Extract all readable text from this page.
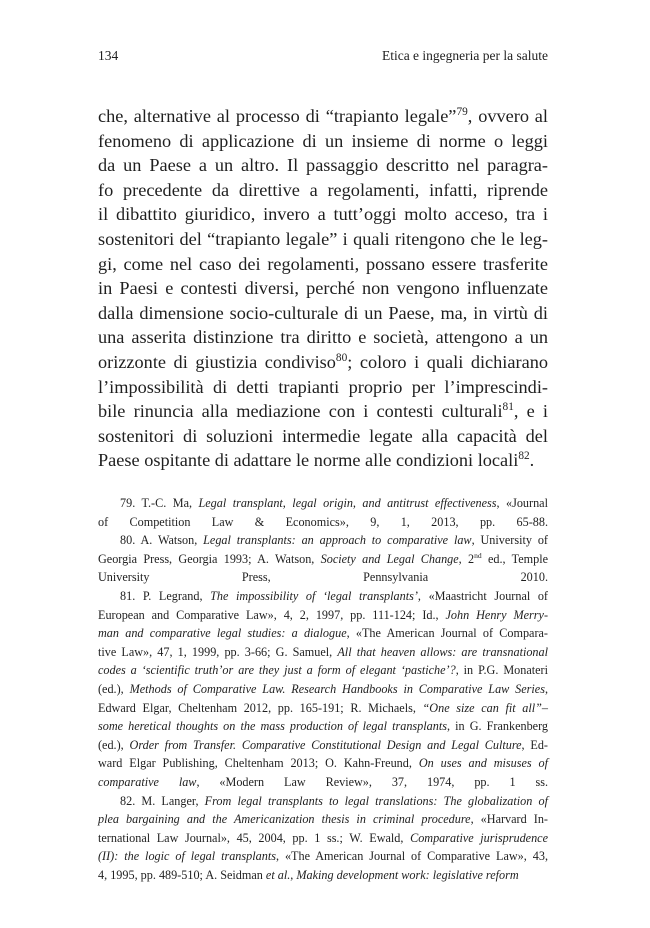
134	Etica e ingegneria per la salute
che, alternative al processo di “trapianto legale”$^{79}$, ovvero al
fenomeno di applicazione di un insieme di norme o leggi
da un Paese a un altro. Il passaggio descritto nel paragra-
fo precedente da direttive a regolamenti, infatti, riprende
il dibattito giuridico, invero a tutt’oggi molto acceso, tra i
sostenitori del “trapianto legale” i quali ritengono che le leg-
gi, come nel caso dei regolamenti, possano essere trasferite
in Paesi e contesti diversi, perché non vengono influenzate
dalla dimensione socio-culturale di un Paese, ma, in virtù di
una asserita distinzione tra diritto e società, attengono a un
orizzonte di giustizia condiviso$^{80}$; coloro i quali dichiarano
l’impossibilità di detti trapianti proprio per l’imprescindi-
bile rinuncia alla mediazione con i contesti culturali$^{81}$, e i
sostenitori di soluzioni intermedie legate alla capacità del
Paese ospitante di adattare le norme alle condizioni locali$^{82}$.
79. T.-C. Ma, Legal transplant, legal origin, and antitrust effectiveness, «Journal
of Competition Law & Economics», 9, 1, 2013, pp. 65-88.
80. A. Watson, Legal transplants: an approach to comparative law, University of
Georgia Press, Georgia 1993; A. Watson, Society and Legal Change, 2nd ed., Temple
University Press, Pennsylvania 2010.
81. P. Legrand, The impossibility of ‘legal transplants’, «Maastricht Journal of
European and Comparative Law», 4, 2, 1997, pp. 111-124; Id., John Henry Merry-
man and comparative legal studies: a dialogue, «The American Journal of Compara-
tive Law», 47, 1, 1999, pp. 3-66; G. Samuel, All that heaven allows: are transnational
codes a ‘scientific truth’or are they just a form of elegant ‘pastiche’?, in P.G. Monateri
(ed.), Methods of Comparative Law. Research Handbooks in Comparative Law Series,
Edward Elgar, Cheltenham 2012, pp. 165-191; R. Michaels, “One size can fit all”–
some heretical thoughts on the mass production of legal transplants, in G. Frankenberg
(ed.), Order from Transfer. Comparative Constitutional Design and Legal Culture, Ed-
ward Elgar Publishing, Cheltenham 2013; O. Kahn-Freund, On uses and misuses of
comparative law, «Modern Law Review», 37, 1974, pp. 1 ss.
82. M. Langer, From legal transplants to legal translations: The globalization of
plea bargaining and the Americanization thesis in criminal procedure, «Harvard In-
ternational Law Journal», 45, 2004, pp. 1 ss.; W. Ewald, Comparative jurisprudence
(II): the logic of legal transplants, «The American Journal of Comparative Law», 43,
4, 1995, pp. 489-510; A. Seidman et al., Making development work: legislative reform
